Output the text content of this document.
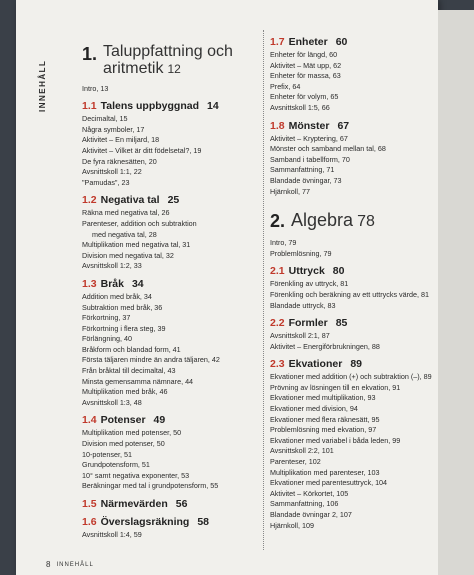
INNEHÅLL
1. Taluppfattning och aritmetik 12
Intro, 13
1.1 Talens uppbyggnad 14
Decimaltal, 15
Några symboler, 17
Aktivitet – En miljard, 18
Aktivitet – Vilket är ditt födelsetal?, 19
De fyra räknesätten, 20
Avsnittskoll 1:1, 22
"Pamudas", 23
1.2 Negativa tal 25
Räkna med negativa tal, 26
Parenteser, addition och subtraktion
med negativa tal, 28
Multiplikation med negativa tal, 31
Division med negativa tal, 32
Avsnittskoll 1:2, 33
1.3 Bråk 34
Addition med bråk, 34
Subtraktion med bråk, 36
Förkortning, 37
Förkortning i flera steg, 39
Förlängning, 40
Bråkform och blandad form, 41
Första täljaren mindre än andra täljaren, 42
Från bråktal till decimaltal, 43
Minsta gemensamma nämnare, 44
Multiplikation med bråk, 46
Avsnittskoll 1:3, 48
1.4 Potenser 49
Multiplikation med potenser, 50
Division med potenser, 50
10-potenser, 51
Grundpotensform, 51
10° samt negativa exponenter, 53
Beräkningar med tal i grundpotensform, 55
1.5 Närmevärden 56
1.6 Överslagsräkning 58
Avsnittskoll 1:4, 59
1.7 Enheter 60
Enheter för längd, 60
Aktivitet – Mät upp, 62
Enheter för massa, 63
Prefix, 64
Enheter för volym, 65
Avsnittskoll 1:5, 66
1.8 Mönster 67
Aktivitet – Kryptering, 67
Mönster och samband mellan tal, 68
Samband i tabellform, 70
Sammanfattning, 71
Blandade övningar, 73
Hjärnkoll, 77
2. Algebra 78
Intro, 79
Problemlösning, 79
2.1 Uttryck 80
Förenkling av uttryck, 81
Förenkling och beräkning av ett uttrycks värde, 81
Blandade uttryck, 83
2.2 Formler 85
Avsnittskoll 2:1, 87
Aktivitet – Energiförbrukningen, 88
2.3 Ekvationer 89
Ekvationer med addition (+) och subtraktion (–), 89
Prövning av lösningen till en ekvation, 91
Ekvationer med multiplikation, 93
Ekvationer med division, 94
Ekvationer med flera räknesätt, 95
Problemlösning med ekvation, 97
Ekvationer med variabel i båda leden, 99
Avsnittskoll 2:2, 101
Parenteser, 102
Multiplikation med parenteser, 103
Ekvationer med parentesuttryck, 104
Aktivitet – Körkortet, 105
Sammanfattning, 106
Blandade övningar 2, 107
Hjärnkoll, 109
8 INNEHÅLL
